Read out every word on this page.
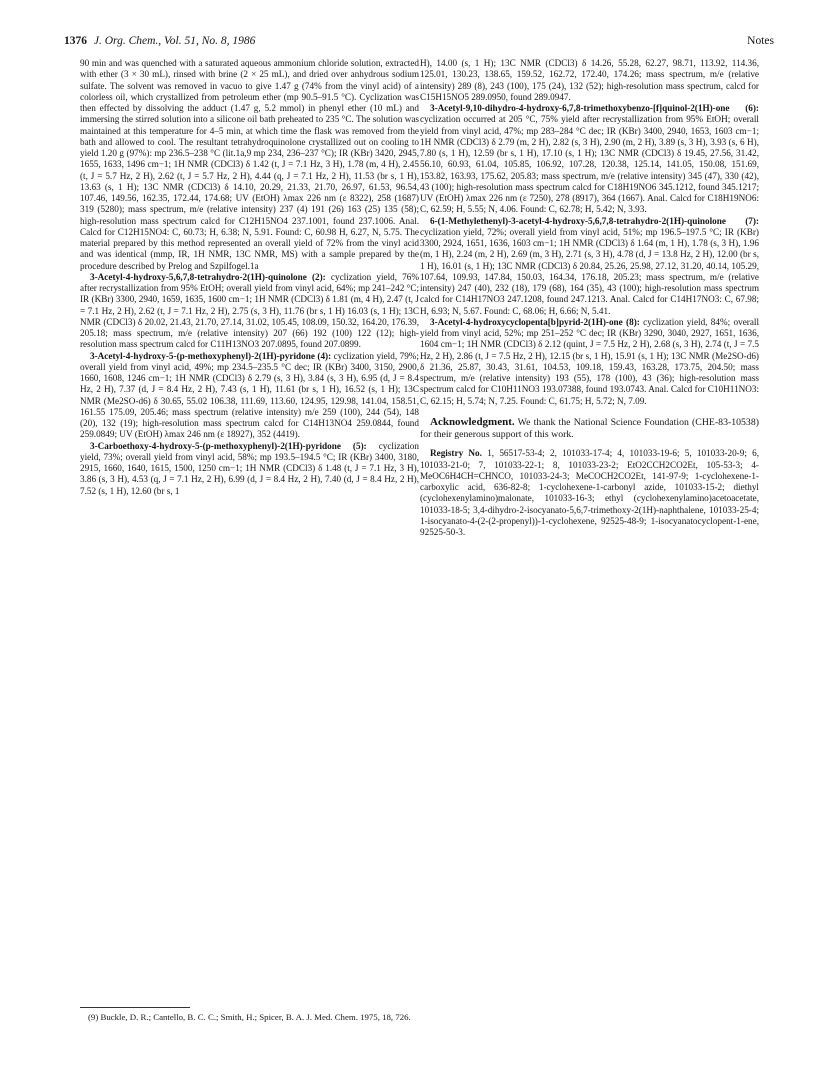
1376 J. Org. Chem., Vol. 51, No. 8, 1986	Notes

90 min and was quenched with a saturated aqueous ammonium chloride solution, extracted with ether (3 × 30 mL), rinsed with brine (2 × 25 mL), and dried over anhydrous sodium sulfate. The solvent was removed in vacuo to give 1.47 g (74% from the vinyl acid) of a colorless oil, which crystallized from petroleum ether (mp 90.5–91.5 °C). Cyclization was then effected by dissolving the adduct (1.47 g, 5.2 mmol) in phenyl ether (10 mL) and immersing the stirred solution into a silicone oil bath preheated to 235 °C. The solution was maintained at this temperature for 4–5 min, at which time the flask was removed from the bath and allowed to cool. The resultant tetrahydroquinolone crystallized out on cooling to yield 1.20 g (97%): mp 236.5–238 °C (lit.1a,9 mp 234, 236–237 °C); IR (KBr) 3420, 2945, 1655, 1633, 1496 cm−1; 1H NMR (CDCl3) δ 1.42 (t, J = 7.1 Hz, 3 H), 1.78 (m, 4 H), 2.45 (t, J = 5.7 Hz, 2 H), 2.62 (t, J = 5.7 Hz, 2 H), 4.44 (q, J = 7.1 Hz, 2 H), 11.53 (br s, 1 H), 13.63 (s, 1 H); 13C NMR (CDCl3) δ 14.10, 20.29, 21.33, 21.70, 26.97, 61.53, 96.54, 107.46, 149.56, 162.35, 172.44, 174.68; UV (EtOH) λmax 226 nm (ε 8322), 258 (1687) 319 (5280); mass spectrum, m/e (relative intensity) 237 (4) 191 (26) 163 (25) 135 (58); high-resolution mass spectrum calcd for C12H15NO4 237.1001, found 237.1006. Anal. Calcd for C12H15NO4: C, 60.73; H, 6.38; N, 5.91. Found: C, 60.98 H, 6.27, N, 5.75. The material prepared by this method represented an overall yield of 72% from the vinyl acid and was identical (mmp, IR, 1H NMR, 13C NMR, MS) with a sample prepared by the procedure described by Prelog and Szpilfogel.1a

3-Acetyl-4-hydroxy-5,6,7,8-tetrahydro-2(1H)-quinolone (2): cyclization yield, 76% after recrystallization from 95% EtOH; overall yield from vinyl acid, 64%; mp 241–242 °C; IR (KBr) 3300, 2940, 1659, 1635, 1600 cm−1; 1H NMR (CDCl3) δ 1.81 (m, 4 H), 2.47 (t, J = 7.1 Hz, 2 H), 2.62 (t, J = 7.1 Hz, 2 H), 2.75 (s, 3 H), 11.76 (br s, 1 H) 16.03 (s, 1 H); 13C NMR (CDCl3) δ 20.02, 21.43, 21.70, 27.14, 31.02, 105.45, 108.09, 150.32, 164.20, 176.39, 205.18; mass spectrum, m/e (relative intensity) 207 (66) 192 (100) 122 (12); high-resolution mass spectrum calcd for C11H13NO3 207.0895, found 207.0899.

3-Acetyl-4-hydroxy-5-(p-methoxyphenyl)-2(1H)-pyridone (4): cyclization yield, 79%; overall yield from vinyl acid, 49%; mp 234.5–235.5 °C dec; IR (KBr) 3400, 3150, 2900, 1660, 1608, 1246 cm−1; 1H NMR (CDCl3) δ 2.79 (s, 3 H), 3.84 (s, 3 H), 6.95 (d, J = 8.4 Hz, 2 H), 7.37 (d, J = 8.4 Hz, 2 H), 7.43 (s, 1 H), 11.61 (br s, 1 H), 16.52 (s, 1 H); 13C NMR (Me2SO-d6) δ 30.65, 55.02 106.38, 111.69, 113.60, 124.95, 129.98, 141.04, 158.51, 161.55 175.09, 205.46; mass spectrum (relative intensity) m/e 259 (100), 244 (54), 148 (20), 132 (19); high-resolution mass spectrum calcd for C14H13NO4 259.0844, found 259.0849; UV (EtOH) λmax 246 nm (ε 18927), 352 (4419).

3-Carboethoxy-4-hydroxy-5-(p-methoxyphenyl)-2(1H)-pyridone (5): cyclization yield, 73%; overall yield from vinyl acid, 58%; mp 193.5–194.5 °C; IR (KBr) 3400, 3180, 2915, 1660, 1640, 1615, 1500, 1250 cm−1; 1H NMR (CDCl3) δ 1.48 (t, J = 7.1 Hz, 3 H), 3.86 (s, 3 H), 4.53 (q, J = 7.1 Hz, 2 H), 6.99 (d, J = 8.4 Hz, 2 H), 7.40 (d, J = 8.4 Hz, 2 H), 7.52 (s, 1 H), 12.60 (br s, 1

H), 14.00 (s, 1 H); 13C NMR (CDCl3) δ 14.26, 55.28, 62.27, 98.71, 113.92, 114.36, 125.01, 130.23, 138.65, 159.52, 162.72, 172.40, 174.26; mass spectrum, m/e (relative intensity) 289 (8), 243 (100), 175 (24), 132 (52); high-resolution mass spectrum, calcd for C15H15NO5 289.0950, found 289.0947.

3-Acetyl-9,10-dihydro-4-hydroxy-6,7,8-trimethoxybenzo-[f]quinol-2(1H)-one (6): cyclization occurred at 205 °C, 75% yield after recrystallization from 95% EtOH; overall yield from vinyl acid, 47%; mp 283–284 °C dec; IR (KBr) 3400, 2940, 1653, 1603 cm−1; 1H NMR (CDCl3) δ 2.79 (m, 2 H), 2.82 (s, 3 H), 2.90 (m, 2 H), 3.89 (s, 3 H), 3.93 (s, 6 H), 7.80 (s, 1 H), 12.59 (br s, 1 H), 17.10 (s, 1 H); 13C NMR (CDCl3) δ 19.45, 27.56, 31.42, 56.10, 60.93, 61.04, 105.85, 106.92, 107.28, 120.38, 125.14, 141.05, 150.08, 151.69, 153.82, 163.93, 175.62, 205.83; mass spectrum, m/e (relative intensity) 345 (47), 330 (42), 43 (100); high-resolution mass spectrum calcd for C18H19NO6 345.1212, found 345.1217; UV (EtOH) λmax 226 nm (ε 7250), 278 (8917), 364 (1667). Anal. Calcd for C18H19NO6: C, 62.59; H, 5.55; N, 4.06. Found: C, 62.78; H, 5.42; N, 3.93.

6-(1-Methylethenyl)-3-acetyl-4-hydroxy-5,6,7,8-tetrahydro-2(1H)-quinolone (7): cyclization yield, 72%; overall yield from vinyl acid, 51%; mp 196.5–197.5 °C; IR (KBr) 3300, 2924, 1651, 1636, 1603 cm−1; 1H NMR (CDCl3) δ 1.64 (m, 1 H), 1.78 (s, 3 H), 1.96 (m, 1 H), 2.24 (m, 2 H), 2.69 (m, 3 H), 2.71 (s, 3 H), 4.78 (d, J = 13.8 Hz, 2 H), 12.00 (br s, 1 H), 16.01 (s, 1 H); 13C NMR (CDCl3) δ 20.84, 25.26, 25.98, 27.12, 31.20, 40.14, 105.29, 107.64, 109.93, 147.84, 150.03, 164.34, 176.18, 205.23; mass spectrum, m/e (relative intensity) 247 (40), 232 (18), 179 (68), 164 (35), 43 (100); high-resolution mass spectrum calcd for C14H17NO3 247.1208, found 247.1213. Anal. Calcd for C14H17NO3: C, 67.98; H, 6.93; N, 5.67. Found: C, 68.06; H, 6.66; N, 5.41.

3-Acetyl-4-hydroxycyclopenta[b]pyrid-2(1H)-one (8): cyclization yield, 84%; overall yield from vinyl acid, 52%; mp 251–252 °C dec; IR (KBr) 3290, 3040, 2927, 1651, 1636, 1604 cm−1; 1H NMR (CDCl3) δ 2.12 (quint, J = 7.5 Hz, 2 H), 2.68 (s, 3 H), 2.74 (t, J = 7.5 Hz, 2 H), 2.86 (t, J = 7.5 Hz, 2 H), 12.15 (br s, 1 H), 15.91 (s, 1 H); 13C NMR (Me2SO-d6) δ 21.36, 25.87, 30.43, 31.61, 104.53, 109.18, 159.43, 163.28, 173.75, 204.50; mass spectrum, m/e (relative intensity) 193 (55), 178 (100), 43 (36); high-resolution mass spectrum calcd for C10H11NO3 193.07388, found 193.0743. Anal. Calcd for C10H11NO3: C, 62.15; H, 5.74; N, 7.25. Found: C, 61.75; H, 5.72; N, 7.09.

Acknowledgment. We thank the National Science Foundation (CHE-83-10538) for their generous support of this work.

Registry No. 1, 56517-53-4; 2, 101033-17-4; 4, 101033-19-6; 5, 101033-20-9; 6, 101033-21-0; 7, 101033-22-1; 8, 101033-23-2; EtO2CCH2CO2Et, 105-53-3; 4-MeOC6H4CH=CHNCO, 101033-24-3; MeCOCH2CO2Et, 141-97-9; 1-cyclohexene-1-carboxylic acid, 636-82-8; 1-cyclohexene-1-carbonyl azide, 101033-15-2; diethyl (cyclohexenylamino)malonate, 101033-16-3; ethyl (cyclohexenylamino)acetoacetate, 101033-18-5; 3,4-dihydro-2-isocyanato-5,6,7-trimethoxy-2(1H)-naphthalene, 101033-25-4; 1-isocyanato-4-(2-(2-propenyl))-1-cyclohexene, 92525-48-9; 1-isocyanatocyclopent-1-ene, 92525-50-3.

(9) Buckle, D. R.; Cantello, B. C. C.; Smith, H.; Spicer, B. A. J. Med. Chem. 1975, 18, 726.
